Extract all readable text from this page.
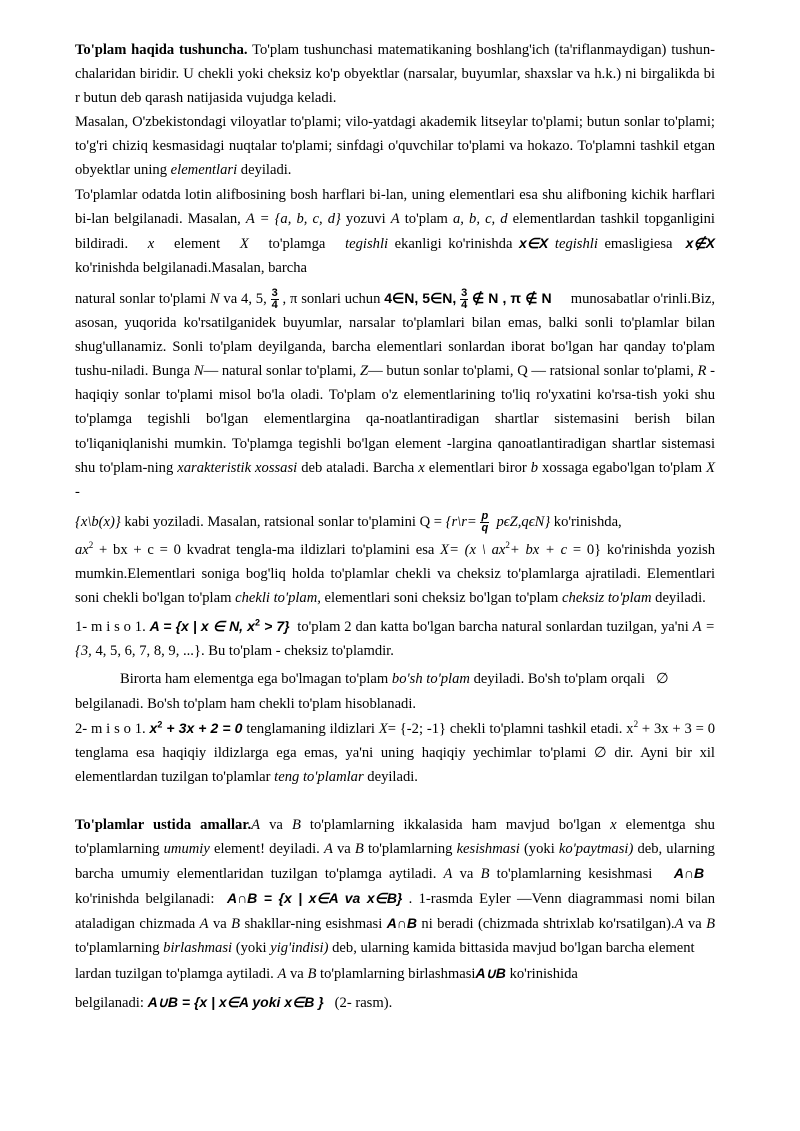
To'plam haqida tushuncha. To'plam tushunchasi matematikaning boshlang'ich (ta'riflanmaydigan) tushun-chalaridan biridir. U chekli yoki cheksiz ko'p obyektlar (narsalar, buyumlar, shaxslar va h.k.) ni birgalikda bi r butun deb qarash natijasida vujudga keladi.

Masalan, O'zbekistondagi viloyatlar to'plami; vilo-yatdagi akademik litseylar to'plami; butun sonlar to'plami; to'g'ri chiziq kesmasidagi nuqtalar to'plami; sinfdagi o'quvchilar to'plami va hokazo. To'plamni tashkil etgan obyektlar uning elementlari deyiladi.

To'plamlar odatda lotin alifbosining bosh harflari bi-lan, uning elementlari esa shu alifboning kichik harflari bi-lan belgilanadi. Masalan, A = {a, b, c, d} yozuvi A to'plam a, b, c, d elementlardan tashkil topganligini bildiradi. x element X to'plamga tegishli ekanligi ko'rinishda x∈X tegishli emasligiesa x∉X ko'rinishda belgilanadi.Masalan, barcha

natural sonlar to'plami N va 4, 5, $\frac{3}{4}$ , π sonlari uchun 4∈N, 5∈N, $\frac{3}{4}$ ∉ N , π ∉ N munosabatlar o'rinli.Biz, asosan, yuqorida ko'rsatilganidek buyumlar, narsalar to'plamlari bilan emas, balki sonli to'plamlar bilan shug'ullanamiz. Sonli to'plam deyilganda, barcha elementlari sonlardan iborat bo'lgan har qanday to'plam tushu-niladi. Bunga N— natural sonlar to'plami, Z— butun sonlar to'plami, Q — ratsional sonlar to'plami, R - haqiqiy sonlar to'plami misol bo'la oladi. To'plam o'z elementlarining to'liq ro'yxatini ko'rsa-tish yoki shu to'plamga tegishli bo'lgan elementlargina qa-noatlantiradigan shartlar sistemasini berish bilan to'liqaniqlanishi mumkin. To'plamga tegishli bo'lgan element -largina qanoatlantiradigan shartlar sistemasi shu to'plam-ning xarakteristik xossasi deb ataladi. Barcha x elementlari biror b xossaga egabo'lgan to'plam X -

{x\b(x)} kabi yoziladi. Masalan, ratsional sonlar to'plamini Q = {r\r= $\frac{p}{q} p\epsilon Z,q\epsilon N$} ko'rinishda,

$ax^2$ + bx + c = 0 kvadrat tengla-ma ildizlari to'plamini esa X= (x \ $ax^2+$ bx + c = 0} ko'rinishda yozish mumkin.Elementlari soniga bog'liq holda to'plamlar chekli va cheksiz to'plamlarga ajratiladi. Elementlari soni chekli bo'lgan to'plam chekli to'plam, elementlari soni cheksiz bo'lgan to'plam cheksiz to'plam deyiladi.

1- m i s o 1. A = {x | x ∈ N, $x^2 > 7$}  to'plam 2 dan katta bo'lgan barcha natural sonlardan tuzilgan, ya'ni A = {3, 4, 5, 6, 7, 8, 9, ...}. Bu to'plam - cheksiz to'plamdir.

Birorta ham elementga ega bo'lmagan to'plam bo'sh to'plam deyiladi. Bo'sh to'plam orqali ∅

belgilanadi. Bo'sh to'plam ham chekli to'plam hisoblanadi.

2- m i s o 1. $x^2 + 3x + 2 = 0$ tenglamaning ildizlari X= {-2; -1} chekli to'plamni tashkil etadi. $x^2 + 3x + 3 = 0$ tenglama esa haqiqiy ildizlarga ega emas, ya'ni uning haqiqiy yechimlar to'plami ∅ dir. Ayni bir xil elementlardan tuzilgan to'plamlar teng to'plamlar deyiladi.

To'plamlar ustida amallar.A va B to'plamlarning ikkalasida ham mavjud bo'lgan x elementga shu to'plamlarning umumiy element! deyiladi. A va B to'plamlarning kesishmasi (yoki ko'paytmasi) deb, ularning barcha umumiy elementlaridan tuzilgan to'plamga aytiladi. A va B to'plamlarning kesishmasi A∩B   ko'rinishda belgilanadi: A∩B = {x | x∈A va x∈B} . 1-rasmda Eyler —Venn diagrammasi nomi bilan ataladigan chizmada A va B shakllar-ning esishmasi A∩B ni beradi (chizmada shtrixlab ko'rsatilgan).A va B to'plamlarning birlashmasi (yoki yig'indisi) deb, ularning kamida bittasida mavjud bo'lgan barcha element

lardan tuzilgan to'plamga aytiladi. A va B to'plamlarning birlashmasiA∪B ko'rinishida

belgilanadi: A∪B = {x | x∈A yoki x∈B } (2- rasm).
